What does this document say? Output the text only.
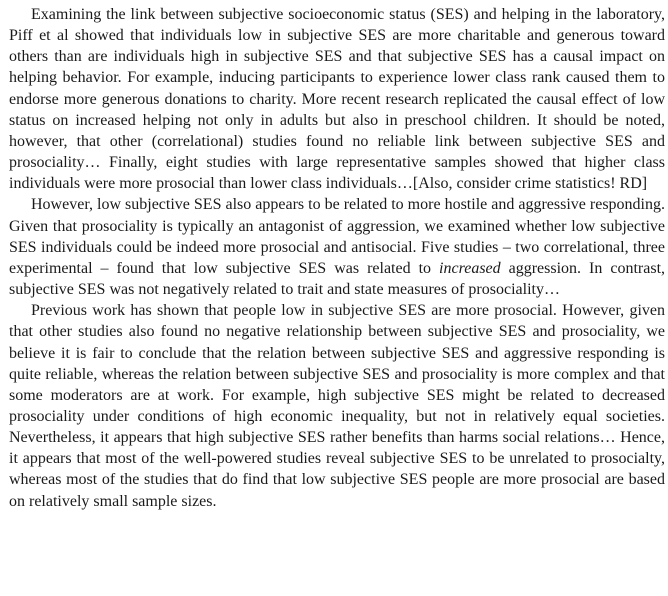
Examining the link between subjective socioeconomic status (SES) and helping in the laboratory, Piff et al showed that individuals low in subjective SES are more charitable and generous toward others than are individuals high in subjective SES and that subjective SES has a causal impact on helping behavior. For example, inducing participants to experience lower class rank caused them to endorse more generous donations to charity. More recent research replicated the causal effect of low status on increased helping not only in adults but also in preschool children. It should be noted, however, that other (correlational) studies found no reliable link between subjective SES and prosociality… Finally, eight studies with large representative samples showed that higher class individuals were more prosocial than lower class individuals…[Also, consider crime statistics! RD]

However, low subjective SES also appears to be related to more hostile and aggressive responding. Given that prosociality is typically an antagonist of aggression, we examined whether low subjective SES individuals could be indeed more prosocial and antisocial. Five studies – two correlational, three experimental – found that low subjective SES was related to increased aggression. In contrast, subjective SES was not negatively related to trait and state measures of prosociality…

Previous work has shown that people low in subjective SES are more prosocial. However, given that other studies also found no negative relationship between subjective SES and prosociality, we believe it is fair to conclude that the relation between subjective SES and aggressive responding is quite reliable, whereas the relation between subjective SES and prosociality is more complex and that some moderators are at work. For example, high subjective SES might be related to decreased prosociality under conditions of high economic inequality, but not in relatively equal societies. Nevertheless, it appears that high subjective SES rather benefits than harms social relations… Hence, it appears that most of the well-powered studies reveal subjective SES to be unrelated to prosocialty, whereas most of the studies that do find that low subjective SES people are more prosocial are based on relatively small sample sizes.
